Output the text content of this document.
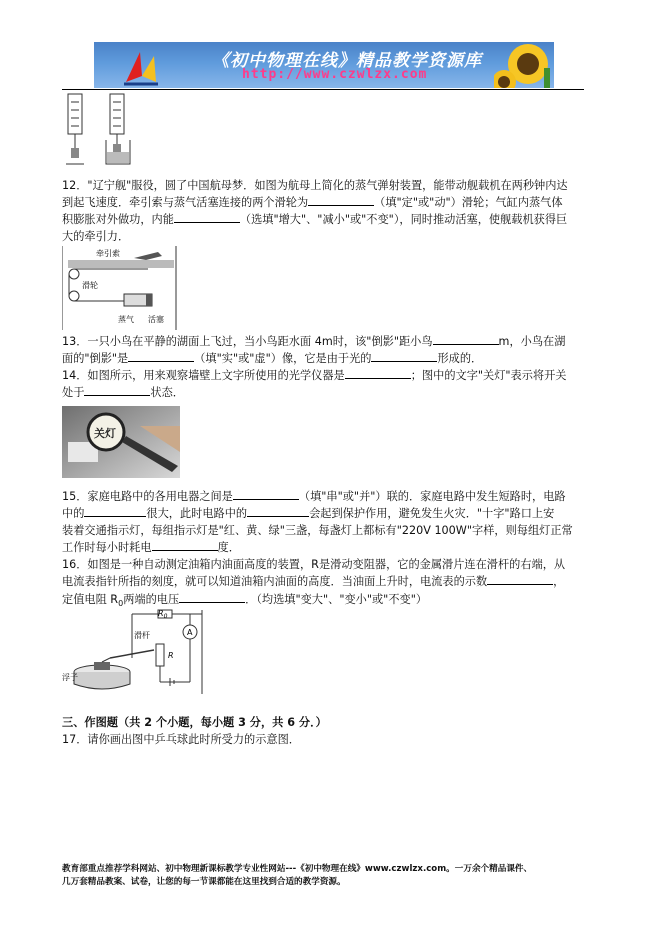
《初中物理在线》精品教学资源库
http://www.czwlzx.com
12．"辽宁舰"服役，圆了中国航母梦．如图为航母上简化的蒸气弹射装置，能带动舰载机在两秒钟内达
到起飞速度．牵引索与蒸气活塞连接的两个滑轮为	（填"定"或"动"）滑轮；气缸内蒸气体
积膨胀对外做功，内能	（选填"增大"、"减小"或"不变"），同时推动活塞，使舰载机获得巨
大的牵引力．
牵引索
滑轮
蒸气 活塞
13．一只小鸟在平静的湖面上飞过，当小鸟距水面 4m时，该"倒影"距小鸟	m，小鸟在湖
面的"倒影"是	（填"实"或"虚"）像，它是由于光的	形成的．
14．如图所示，用来观察墙壁上文字所使用的光学仪器是	；图中的文字"关灯"表示将开关
处于	状态．
关灯
15．家庭电路中的各用电器之间是	（填"串"或"并"）联的．家庭电路中发生短路时，电路
中的	很大，此时电路中的	会起到保护作用，避免发生火灾．"十字"路口上安
装着交通指示灯，每组指示灯是"红、黄、绿"三盏，每盏灯上都标有"220V 100W"字样，则每组灯正常
工作时每小时耗电	度．
16．如图是一种自动测定油箱内油面高度的装置，R是滑动变阻器，它的金属滑片连在滑杆的右端，从
电流表指针所指的刻度，就可以知道油箱内油面的高度．当油面上升时，电流表的示数	，
定值电阻 $R_0$两端的电压	．（均选填"变大"、"变小"或"不变"）
$R_0$
A
R
滑杆
浮子
三、作图题（共 2 个小题，每小题 3 分，共 6 分．）
17．请你画出图中乒乓球此时所受力的示意图．
教育部重点推荐学科网站、初中物理新课标教学专业性网站---《初中物理在线》www.czwlzx.com。一万余个精品课件、
几万套精品教案、试卷，让您的每一节课都能在这里找到合适的教学资源。
